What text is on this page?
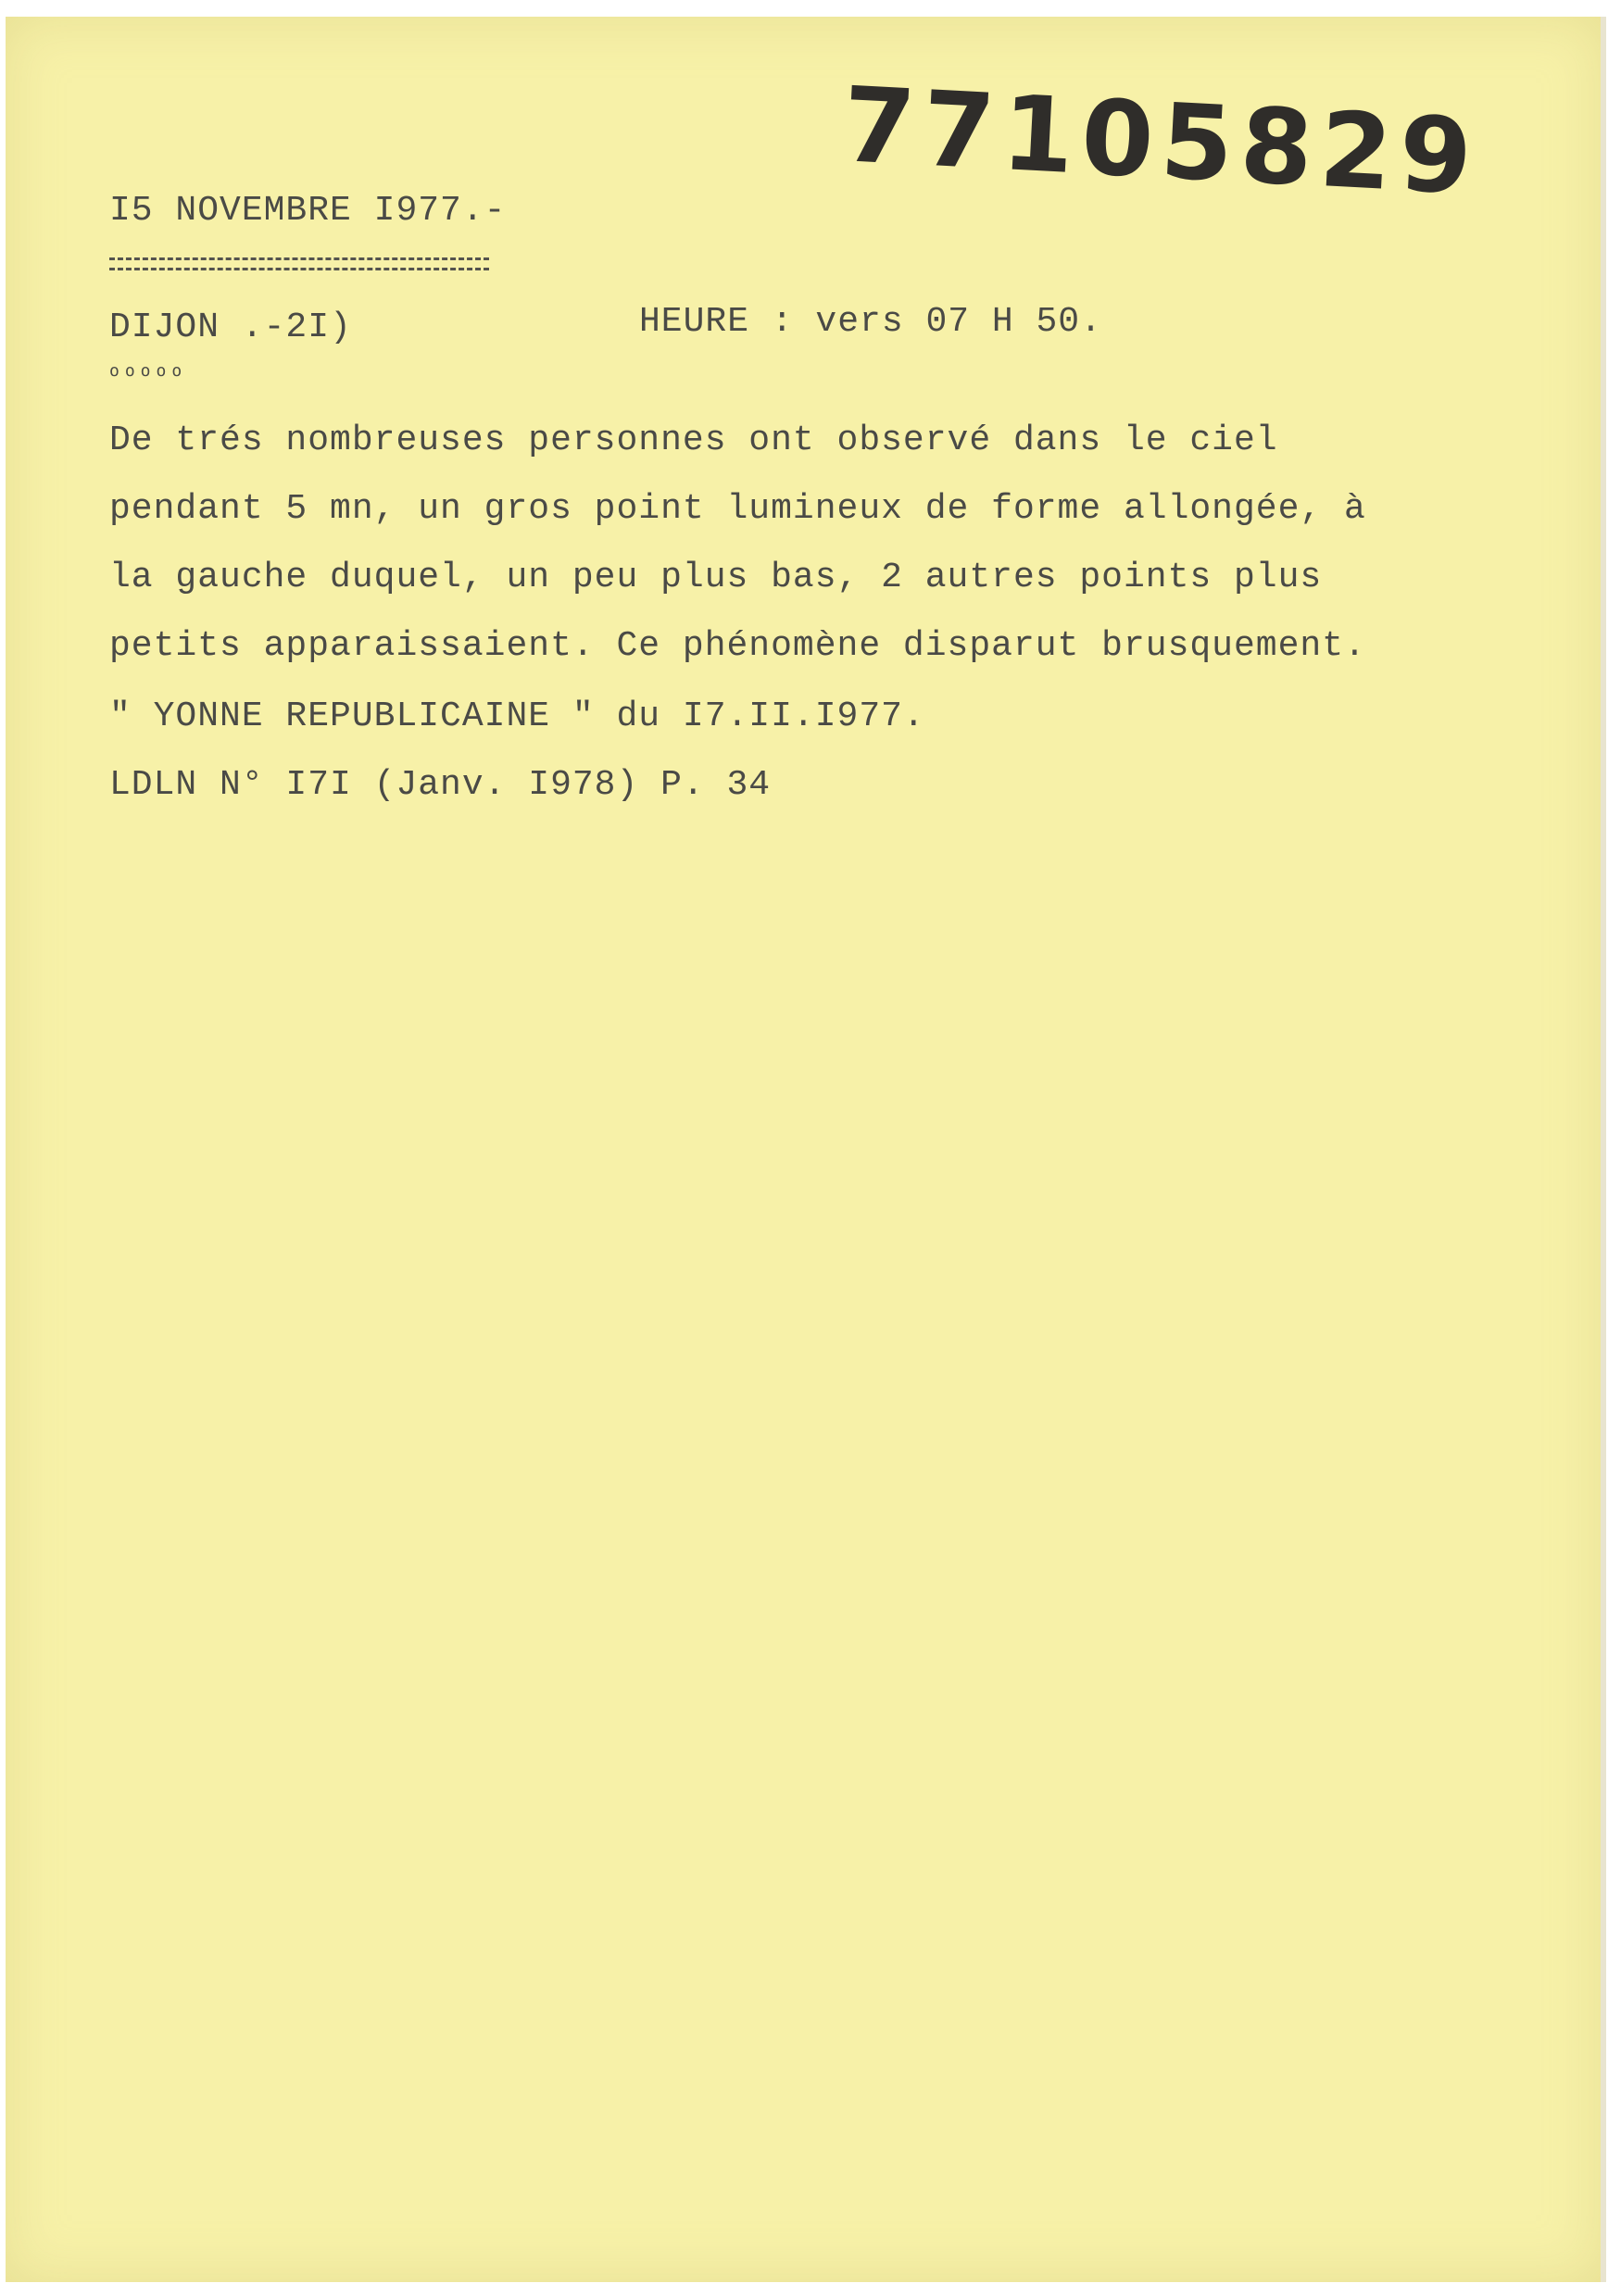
77105829
I5 NOVEMBRE I977.-
DIJON .-2I)
ooooo
HEURE : vers 07 H 50.
De trés nombreuses personnes ont observé dans le ciel
pendant 5 mn, un gros point lumineux de forme allongée, à
la gauche duquel, un peu plus bas, 2 autres points plus
petits apparaissaient. Ce phénomène disparut brusquement.
" YONNE REPUBLICAINE " du I7.II.I977.
LDLN N° I7I (Janv. I978) P. 34
